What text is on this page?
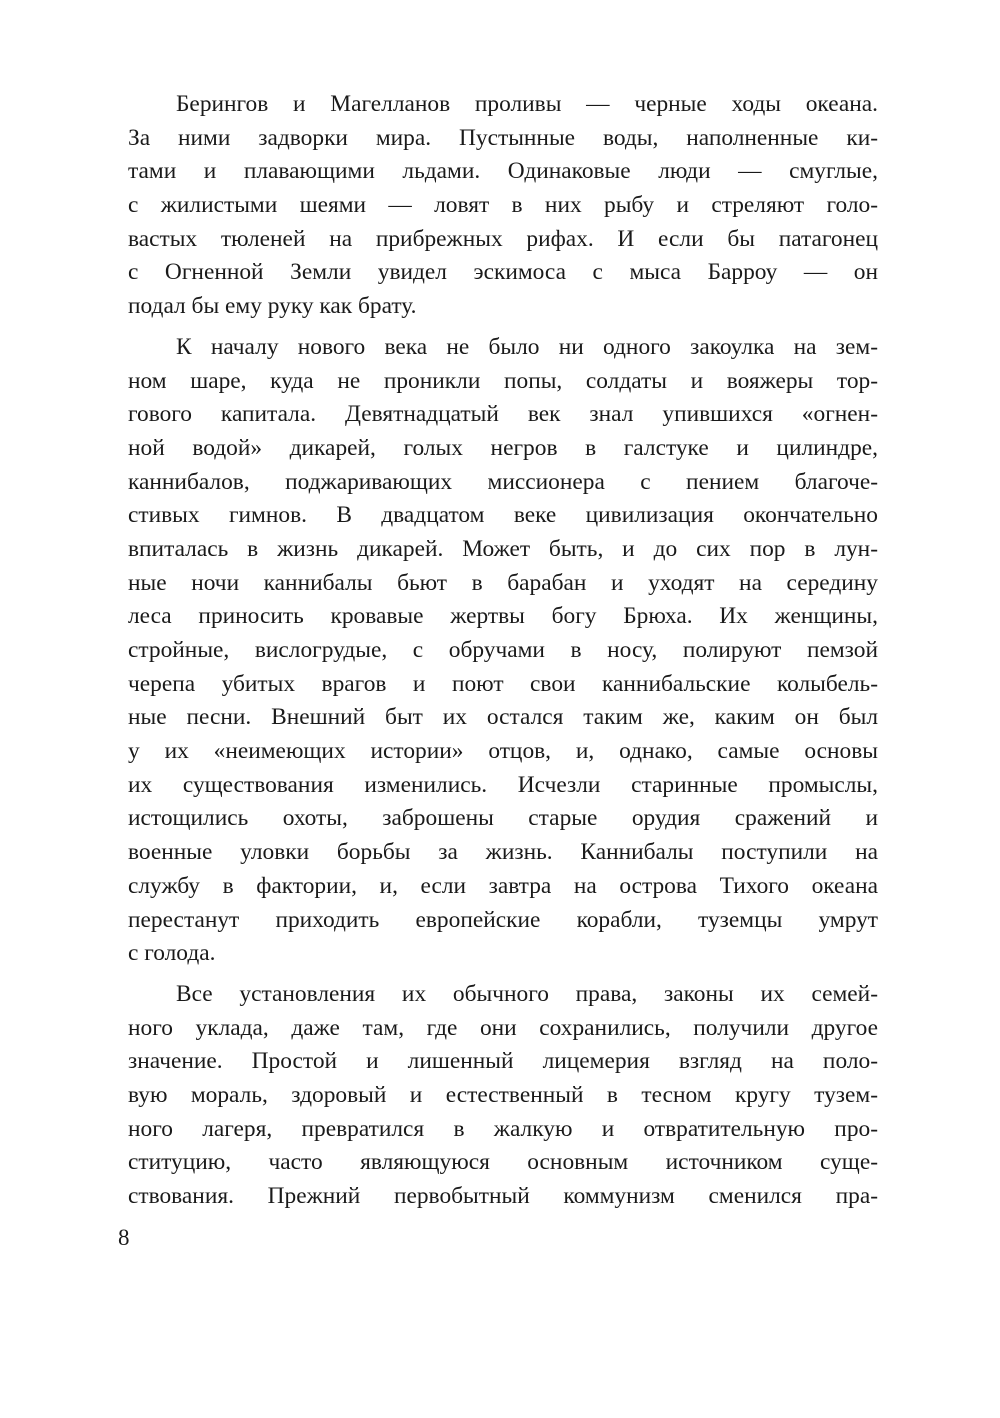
Берингов и Магелланов проливы — черные ходы океана.
За ними задворки мира. Пустынные воды, наполненные ки-
тами и плавающими льдами. Одинаковые люди — смуглые,
с жилистыми шеями — ловят в них рыбу и стреляют голо-
вастых тюленей на прибрежных рифах. И если бы патагонец
с Огненной Земли увидел эскимоса с мыса Барроу — он
подал бы ему руку как брату.
К началу нового века не было ни одного закоулка на зем-
ном шаре, куда не проникли попы, солдаты и вояжеры тор-
гового капитала. Девятнадцатый век знал упившихся «огнен-
ной водой» дикарей, голых негров в галстуке и цилиндре,
каннибалов, поджаривающих миссионера с пением благоче-
стивых гимнов. В двадцатом веке цивилизация окончательно
впиталась в жизнь дикарей. Может быть, и до сих пор в лун-
ные ночи каннибалы бьют в барабан и уходят на середину
леса приносить кровавые жертвы богу Брюха. Их женщины,
стройные, вислогрудые, с обручами в носу, полируют пемзой
черепа убитых врагов и поют свои каннибальские колыбель-
ные песни. Внешний быт их остался таким же, каким он был
у их «неимеющих истории» отцов, и, однако, самые основы
их существования изменились. Исчезли старинные промыслы,
истощились охоты, заброшены старые орудия сражений и
военные уловки борьбы за жизнь. Каннибалы поступили на
службу в фактории, и, если завтра на острова Тихого океана
перестанут приходить европейские корабли, туземцы умрут
с голода.
Все установления их обычного права, законы их семей-
ного уклада, даже там, где они сохранились, получили другое
значение. Простой и лишенный лицемерия взгляд на поло-
вую мораль, здоровый и естественный в тесном кругу тузем-
ного лагеря, превратился в жалкую и отвратительную про-
ституцию, часто являющуюся основным источником суще-
ствования. Прежний первобытный коммунизм сменился пра-
8
